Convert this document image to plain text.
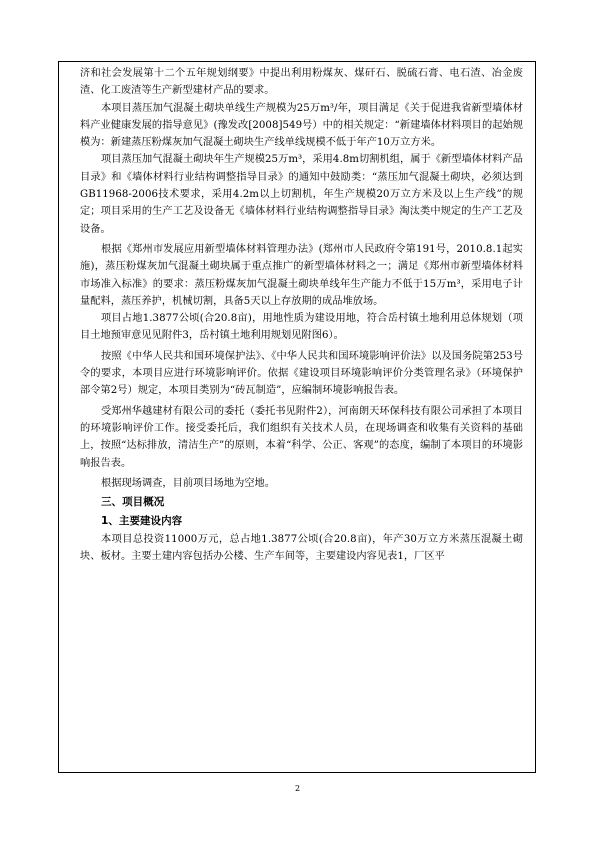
济和社会发展第十二个五年规划纲要》中提出利用粉煤灰、煤矸石、脱硫石膏、电石渣、冶金废渣、化工废渣等生产新型建材产品的要求。

本项目蒸压加气混凝土砌块单线生产规模为25万m³/年，项目满足《关于促进我省新型墙体材料产业健康发展的指导意见》(豫发改[2008]549号）中的相关规定：“新建墙体材料项目的起始规模为：新建蒸压粉煤灰加气混凝土砌块生产线单线规模不低于年产10万立方米。

项目蒸压加气混凝土砌块年生产规模25万m³，采用4.8m切割机组，属于《新型墙体材料产品目录》和《墙体材料行业结构调整指导目录》的通知中鼓励类：“蒸压加气混凝土砌块，必须达到GB11968-2006技术要求，采用4.2m以上切割机，年生产规模20万立方米及以上生产线”的规定；项目采用的生产工艺及设备无《墙体材料行业结构调整指导目录》淘汰类中规定的生产工艺及设备。

根据《郑州市发展应用新型墙体材料管理办法》(郑州市人民政府令第191号，2010.8.1起实施)，蒸压粉煤灰加气混凝土砌块属于重点推广的新型墙体材料之一；满足《郑州市新型墙体材料市场准入标准》的要求：蒸压粉煤灰加气混凝土砌块单线年生产能力不低于15万m³，采用电子计量配料，蒸压养护，机械切割，具备5天以上存放期的成品堆放场。

项目占地1.3877公顷(合20.8亩)，用地性质为建设用地，符合岳村镇土地利用总体规划（项目土地预审意见见附件3，岳村镇土地利用规划见附图6）。

按照《中华人民共和国环境保护法》、《中华人民共和国环境影响评价法》以及国务院第253号令的要求，本项目应进行环境影响评价。依据《建设项目环境影响评价分类管理名录》（环境保护部令第2号）规定，本项目类别为“砖瓦制造”，应编制环境影响报告表。

受郑州华越建材有限公司的委托（委托书见附件2），河南朗天环保科技有限公司承担了本项目的环境影响评价工作。接受委托后，我们组织有关技术人员，在现场调查和收集有关资料的基础上，按照“达标排放，清洁生产”的原则，本着“科学、公正、客观”的态度，编制了本项目的环境影响报告表。

根据现场调查，目前项目场地为空地。

三、项目概况

1、主要建设内容

本项目总投资11000万元，总占地1.3877公顷(合20.8亩)，年产30万立方米蒸压混凝土砌块、板材。主要土建内容包括办公楼、生产车间等，主要建设内容见表1，厂区平

2
